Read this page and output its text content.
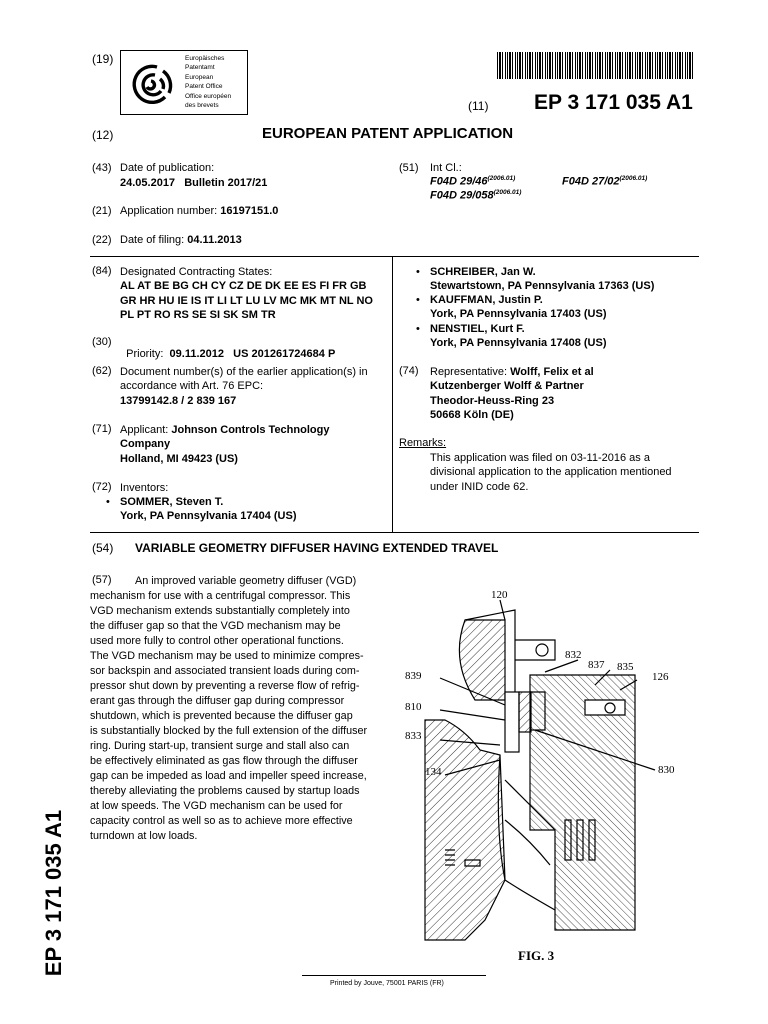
(19)	Europäisches
Patentamt
European
Patent Office
Office européen
des brevets	(11) EP 3 171 035 A1
(12)	EUROPEAN PATENT APPLICATION
(43) Date of publication:
24.05.2017   Bulletin 2017/21
(21) Application number: 16197151.0
(22) Date of filing: 04.11.2013
(84) Designated Contracting States:
AL AT BE BG CH CY CZ DE DK EE ES FI FR GB
GR HR HU IE IS IT LI LT LU LV MC MK MT NL NO
PL PT RO RS SE SI SK SM TR
(30)

Priority: 09.11.2012   US 201261724684 P

(62) Document number(s) of the earlier application(s) in
accordance with Art. 76 EPC:
13799142.8 / 2 839 167
(71) Applicant: Johnson Controls Technology
Company
Holland, MI 49423 (US)
(72) Inventors:
• SOMMER, Steven T.
York, PA Pennsylvania 17404 (US)
(51)	Int Cl.:
F04D $29/46^{(2006.01)}$	F04D $27/02^{(2006.01)}$
F04D $29/058^{(2006.01)}$
• SCHREIBER, Jan W.
Stewartstown, PA Pennsylvania 17363 (US)
• KAUFFMAN, Justin P.
York, PA Pennsylvania 17403 (US)
• NENSTIEL, Kurt F.
York, PA Pennsylvania 17408 (US)
(74)	Representative: Wolff, Felix et al
Kutzenberger Wolff & Partner
Theodor-Heuss-Ring 23
50668 Köln (DE)
Remarks:
This application was filed on 03-11-2016 as a
divisional application to the application mentioned
under INID code 62.
(54)	VARIABLE GEOMETRY DIFFUSER HAVING EXTENDED TRAVEL
(57)	An improved variable geometry diffuser (VGD)
mechanism for use with a centrifugal compressor. This
VGD mechanism extends substantially completely into
the diffuser gap so that the VGD mechanism may be
used more fully to control other operational functions.
The VGD mechanism may be used to minimize compres-
sor backspin and associated transient loads during com-
pressor shut down by preventing a reverse flow of refrig-
erant gas through the diffuser gap during compressor
shutdown, which is prevented because the diffuser gap
is substantially blocked by the full extension of the diffuser
ring. During start-up, transient surge and stall also can
be effectively eliminated as gas flow through the diffuser
gap can be impeded as load and impeller speed increase,
thereby alleviating the problems caused by startup loads
at low speeds. The VGD mechanism can be used for
capacity control as well so as to achieve more effective
turndown at low loads.
120
832
837 835
126
839
810
833
134	830
FIG. 3
EP 3 171 035 A1
Printed by Jouve, 75001 PARIS (FR)
